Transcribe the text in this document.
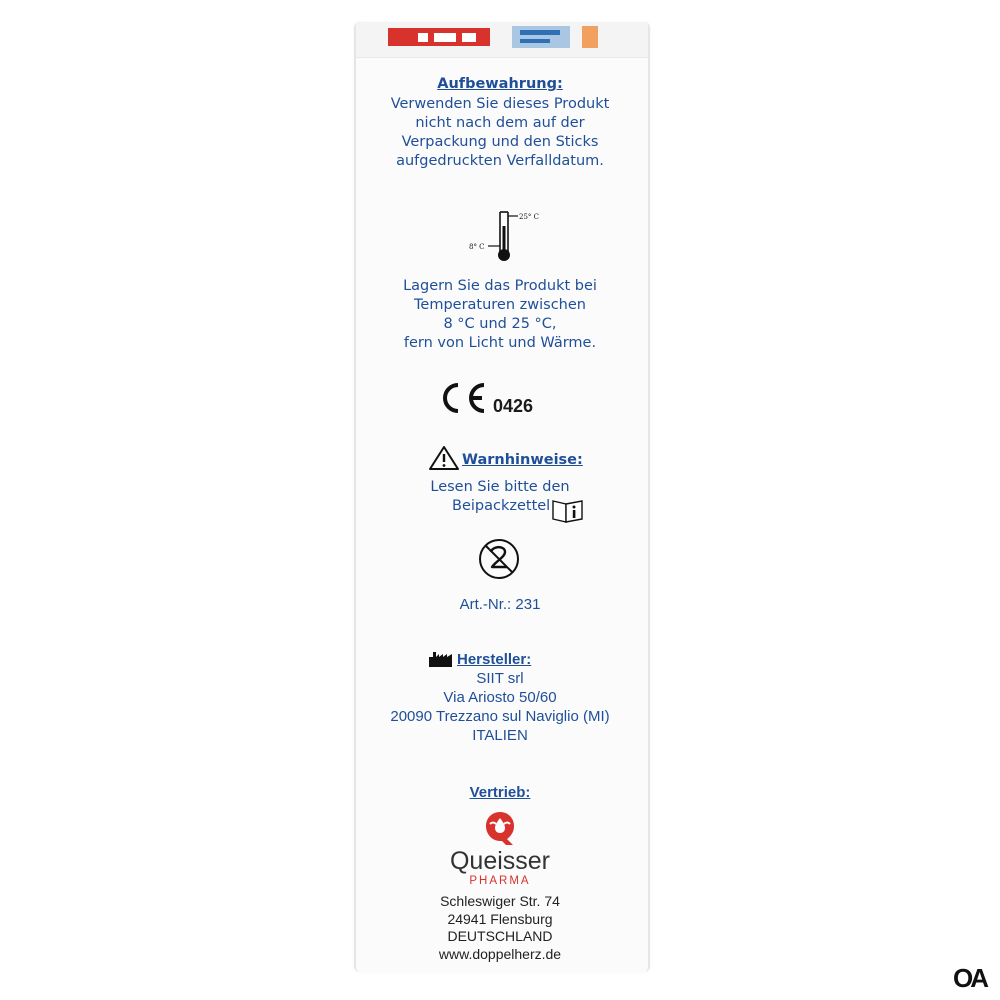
Aufbewahrung:
Verwenden Sie dieses Produkt
nicht nach dem auf der
Verpackung und den Sticks
aufgedruckten Verfalldatum.
25° C
8° C
Lagern Sie das Produkt bei
Temperaturen zwischen
8 °C und 25 °C,
fern von Licht und Wärme.
0426
Warnhinweise:
Lesen Sie bitte den
Beipackzettel
Art.-Nr.: 231
Hersteller:
SIIT srl
Via Ariosto 50/60
20090 Trezzano sul Naviglio (MI)
ITALIEN
Vertrieb:
Queisser
PHARMA
Schleswiger Str. 74
24941 Flensburg
DEUTSCHLAND
www.doppelherz.de
OA
